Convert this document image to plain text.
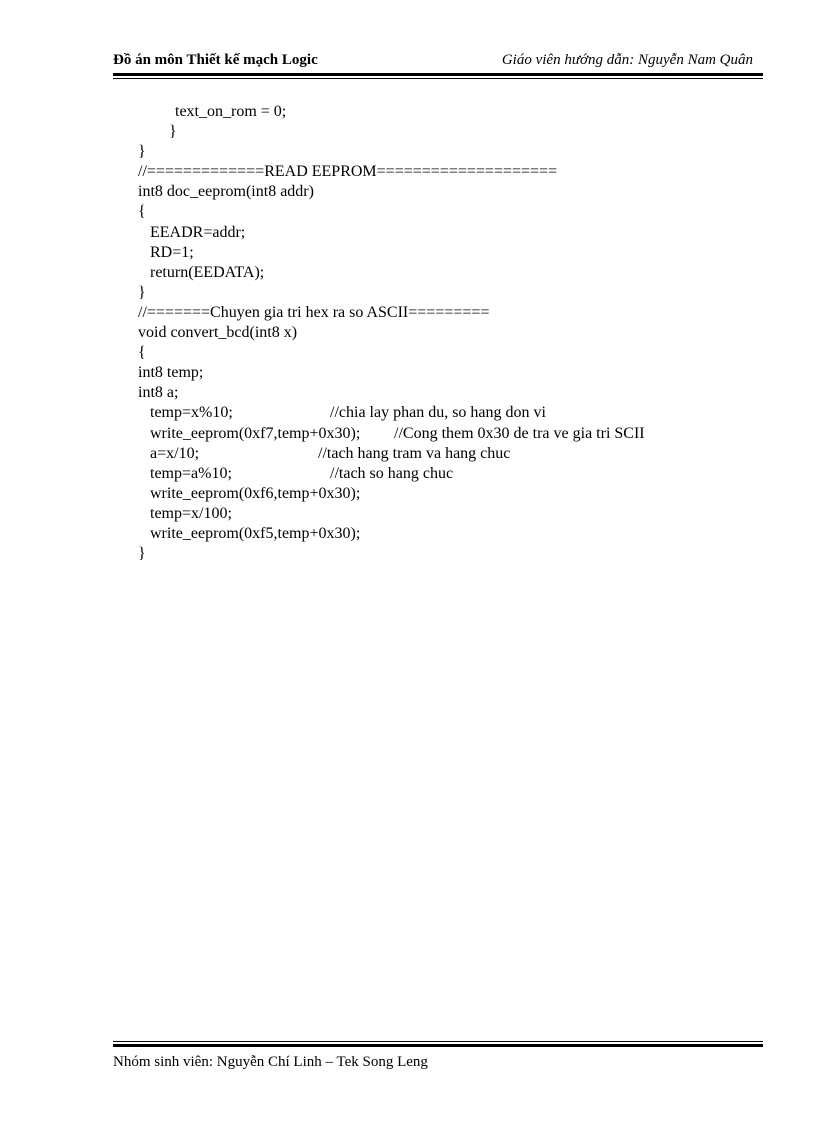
Đồ án môn Thiết kế mạch Logic	Giáo viên hướng dẫn: Nguyễn Nam Quân
text_on_rom = 0;
}
}
//=============READ EEPROM====================
int8 doc_eeprom(int8 addr)
{
EEADR=addr;
RD=1;
return(EEDATA);
}
//=======Chuyen gia tri hex ra so ASCII=========
void convert_bcd(int8 x)
{
int8 temp;
int8 a;

temp=x%10;

	//chia lay phan du, so hang don vi

write_eeprom(0xf7,temp+0x30);

//Cong them 0x30 de tra ve gia tri SCII

a=x/10;

	//tach hang tram va hang chuc

temp=a%10;

	//tach so hang chuc

write_eeprom(0xf6,temp+0x30);
temp=x/100;
write_eeprom(0xf5,temp+0x30);
}
Nhóm sinh viên: Nguyễn Chí Linh – Tek Song Leng
